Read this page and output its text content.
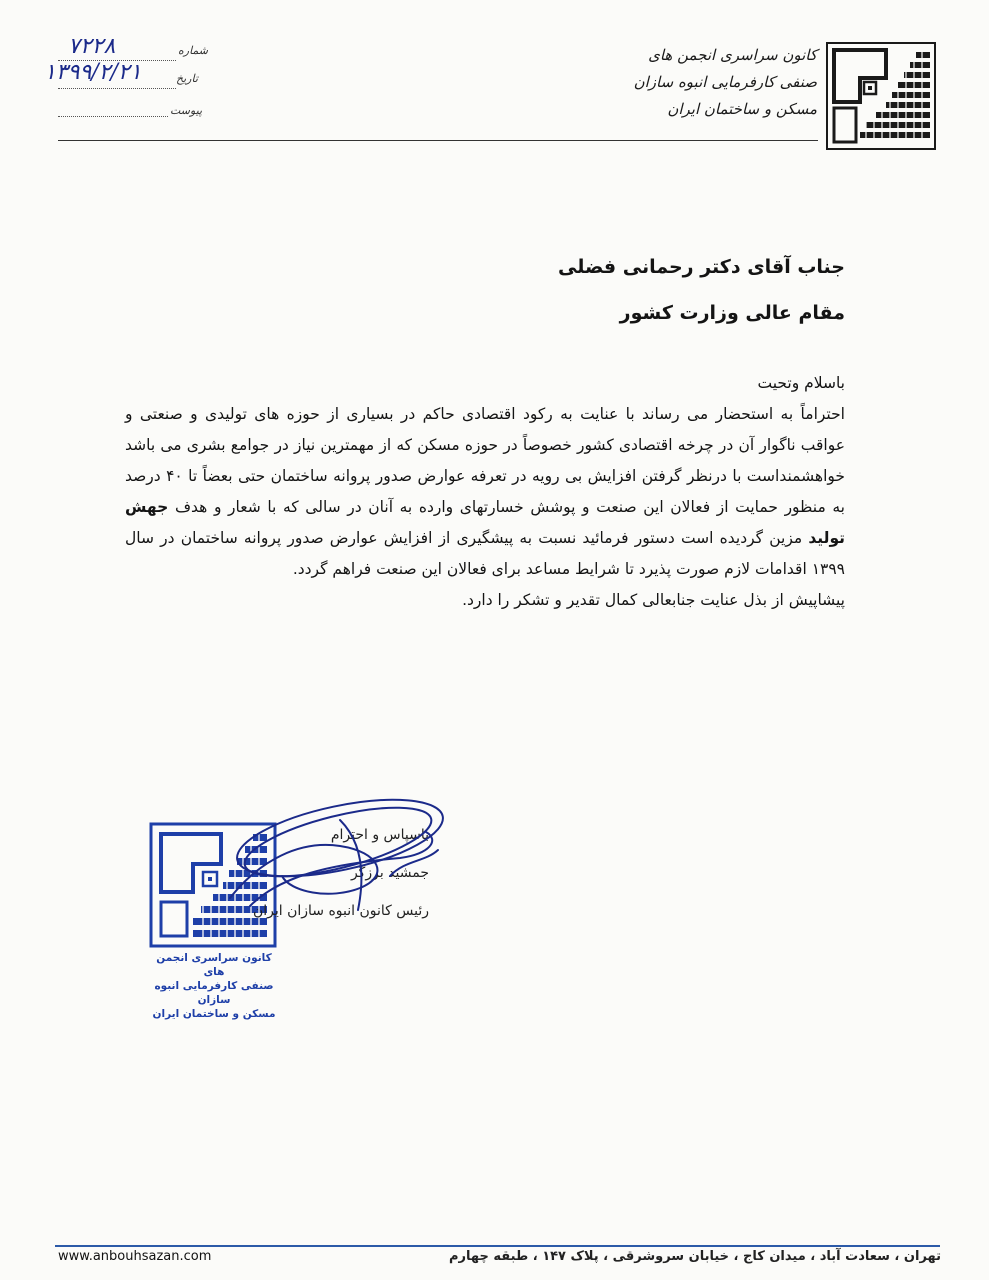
کانون سراسری انجمن های
صنفی کارفرمایی انبوه سازان
مسکن و ساختمان ایران
شماره
۷۲۲۸
تاریخ
۱۳۹۹/۲/۲۱
پیوست
جناب آقای دکتر رحمانی فضلی
مقام عالی وزارت کشور

باسلام وتحیت

احتراماً به استحضار می رساند با عنایت به رکود اقتصادی حاکم در بسیاری از حوزه های تولیدی و صنعتی و عواقب ناگوار آن در چرخه اقتصادی کشور خصوصاً در حوزه مسکن که از مهمترین نیاز در جوامع بشری می باشد خواهشمنداست با درنظر گرفتن افزایش بی رویه در تعرفه عوارض صدور پروانه ساختمان حتی بعضاً تا ۴۰ درصد به منظور حمایت از فعالان این صنعت و پوشش خسارتهای وارده به آنان در سالی که با شعار و هدف جهش تولید مزین گردیده است دستور فرمائید نسبت به پیشگیری از افزایش عوارض صدور پروانه ساختمان در سال ۱۳۹۹ اقدامات لازم صورت پذیرد تا شرایط مساعد برای فعالان این صنعت فراهم گردد.

پیشاپیش از بذل عنایت جنابعالی کمال تقدیر و تشکر را دارد.

کانون سراسری انجمن های
صنفی کارفرمایی انبوه سازان
مسکن و ساختمان ایران
باسپاس و احترام
جمشید برزگر
رئیس کانون انبوه سازان ایران
www.anbouhsazan.com	تهران ، سعادت آباد ، میدان کاج ، خیابان سروشرقی ، پلاک ۱۴۷ ، طبقه چهارم
